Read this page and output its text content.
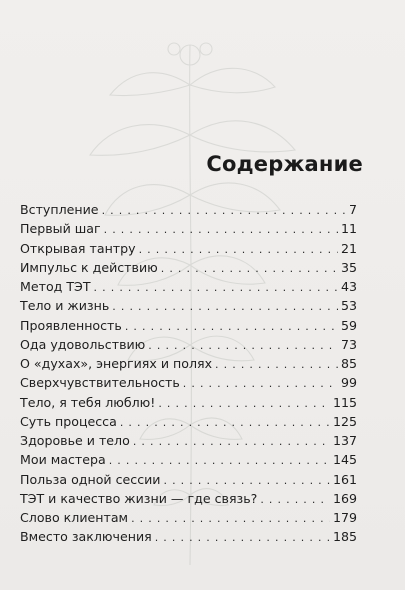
Содержание
Вступление . . .	7
Первый шаг . . .	11
Открывая тантру . . .	21
Импульс к действию . . .	35
Метод ТЭТ . . .	43
Тело и жизнь . . .	53
Проявленность . . .	59
Ода удовольствию . . .	73
О «духах», энергиях и полях . . .	85
Сверхчувствительность . . .	99
Тело, я тебя люблю! . . .	115
Суть процесса . . .	125
Здоровье и тело . . .	137
Мои мастера . . .	145
Польза одной сессии . . .	161
ТЭТ и качество жизни — где связь? . . .	169
Слово клиентам . . .	179
Вместо заключения . . .	185
